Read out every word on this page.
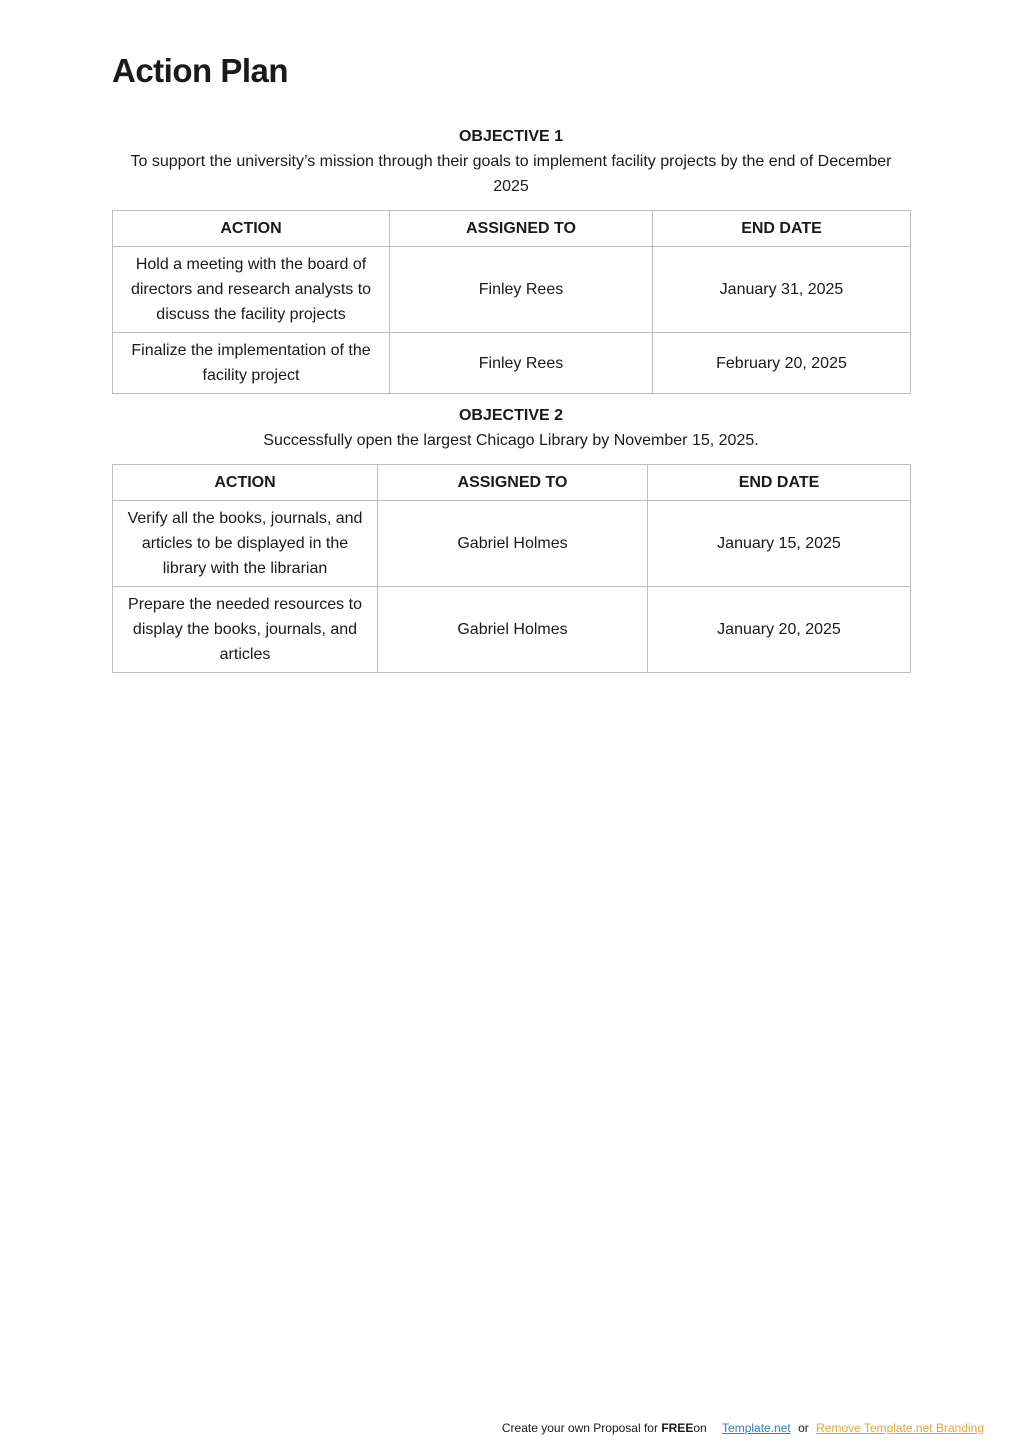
Action Plan

OBJECTIVE 1

To support the university’s mission through their goals to implement facility projects by the end of December 2025

ACTION	ASSIGNED TO	END DATE
Hold a meeting with the board of directors and research analysts to discuss the facility projects	Finley Rees	January 31, 2025
Finalize the implementation of the facility project	Finley Rees	February 20, 2025

OBJECTIVE 2

Successfully open the largest Chicago Library by November 15, 2025.

ACTION	ASSIGNED TO	END DATE
Verify all the books, journals, and articles to be displayed in the library with the librarian	Gabriel Holmes	January 15, 2025
Prepare the needed resources to display the books, journals, and articles	Gabriel Holmes	January 20, 2025
Create your own Proposal for FREEon Template.net or Remove Template.net Branding
